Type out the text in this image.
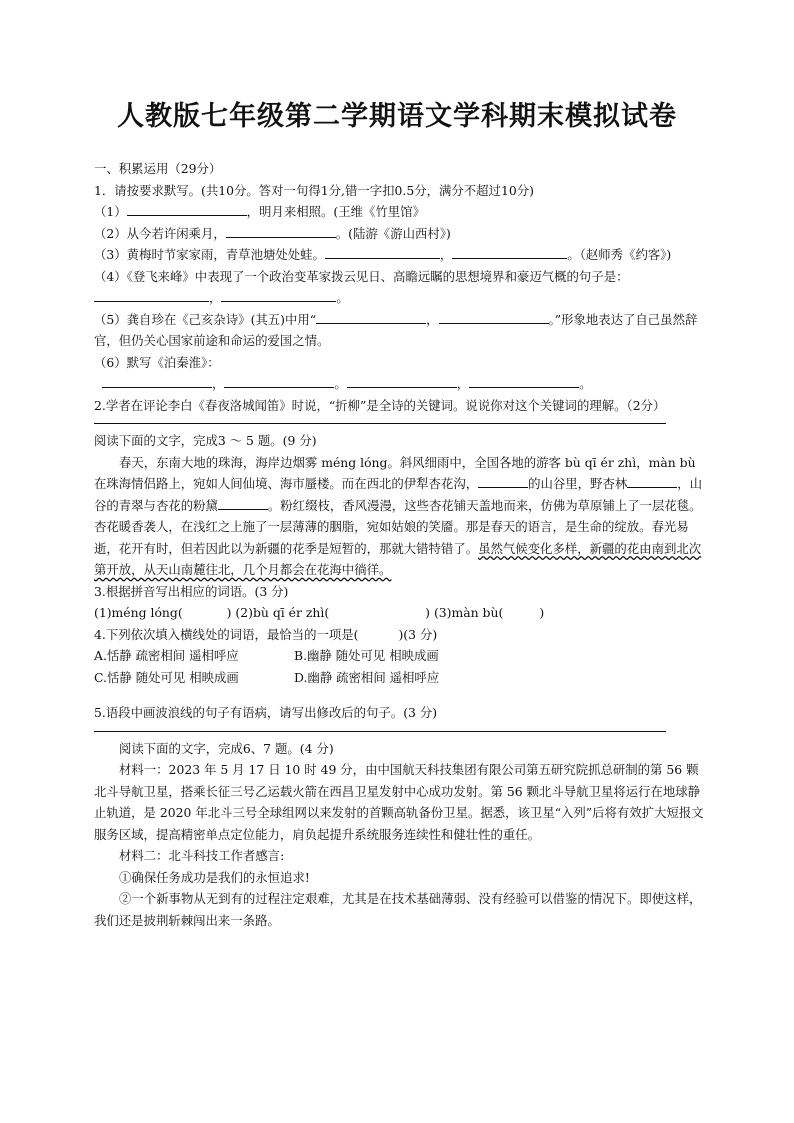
人教版七年级第二学期语文学科期末模拟试卷

一、积累运用（29分）

1．请按要求默写。(共10分。答对一句得1分,错一字扣0.5分，满分不超过10分)

（1）	，明月来相照。(王维《竹里馆》

（2）从今若许闲乘月，	。(陆游《游山西村》)

（3）黄梅时节家家雨，青草池塘处处蛙。	，	。（赵师秀《约客》)

（4）《登飞来峰》中表现了一个政治变革家拨云见日、高瞻远瞩的思想境界和豪迈气概的句子是：，	。

（5）龚自珍在《己亥杂诗》(其五)中用“	，	。”形象地表达了自己虽然辞官，但仍关心国家前途和命运的爱国之情。

（6）默写《泊秦淮》：

，	。	，	。

2.学者在评论李白《春夜洛城闻笛》时说，“折柳”是全诗的关键词。说说你对这个关键词的理解。（2分）

阅读下面的文字，完成3 ～ 5 题。(9 分)

春天，东南大地的珠海，海岸边烟雾 méng lóng。斜风细雨中，全国各地的游客 bù qī ér zhì，màn bù 在珠海情侣路上，宛如人间仙境、海市蜃楼。而在西北的伊犁杏花沟，	的山谷里，野杏林	，山谷的青翠与杏花的粉黛	。粉红缀枝，香风漫漫，这些杏花铺天盖地而来，仿佛为草原铺上了一层花毯。杏花暖香袭人，在浅红之上施了一层薄薄的胭脂，宛如姑娘的笑靥。那是春天的语言，是生命的绽放。春光易逝，花开有时，但若因此以为新疆的花季是短暂的，那就大错特错了。虽然气候变化多样，新疆的花由南到北次第开放，从天山南麓往北，几个月都会在花海中徜徉。

3.根据拼音写出相应的词语。(3 分)

(1)méng lóng(	) (2)bù qī ér zhì(	) (3)màn bù(	)

4.下列依次填入横线处的词语，最恰当的一项是(	)(3 分)

A.恬静 疏密相间 遥相呼应	B.幽静 随处可见 相映成画

C.恬静 随处可见 相映成画	D.幽静 疏密相间 遥相呼应

5.语段中画波浪线的句子有语病，请写出修改后的句子。(3 分)

阅读下面的文字，完成6、7 题。(4 分)

材料一：2023 年 5 月 17 日 10 时 49 分，由中国航天科技集团有限公司第五研究院抓总研制的第 56 颗北斗导航卫星，搭乘长征三号乙运载火箭在西昌卫星发射中心成功发射。第 56 颗北斗导航卫星将运行在地球静止轨道，是 2020 年北斗三号全球组网以来发射的首颗高轨备份卫星。据悉，该卫星“入列”后将有效扩大短报文服务区域，提高精密单点定位能力，肩负起提升系统服务连续性和健壮性的重任。

材料二：北斗科技工作者感言:

①确保任务成功是我们的永恒追求!

②一个新事物从无到有的过程注定艰难，尤其是在技术基础薄弱、没有经验可以借鉴的情况下。即使这样，我们还是披荆斩棘闯出来一条路。
